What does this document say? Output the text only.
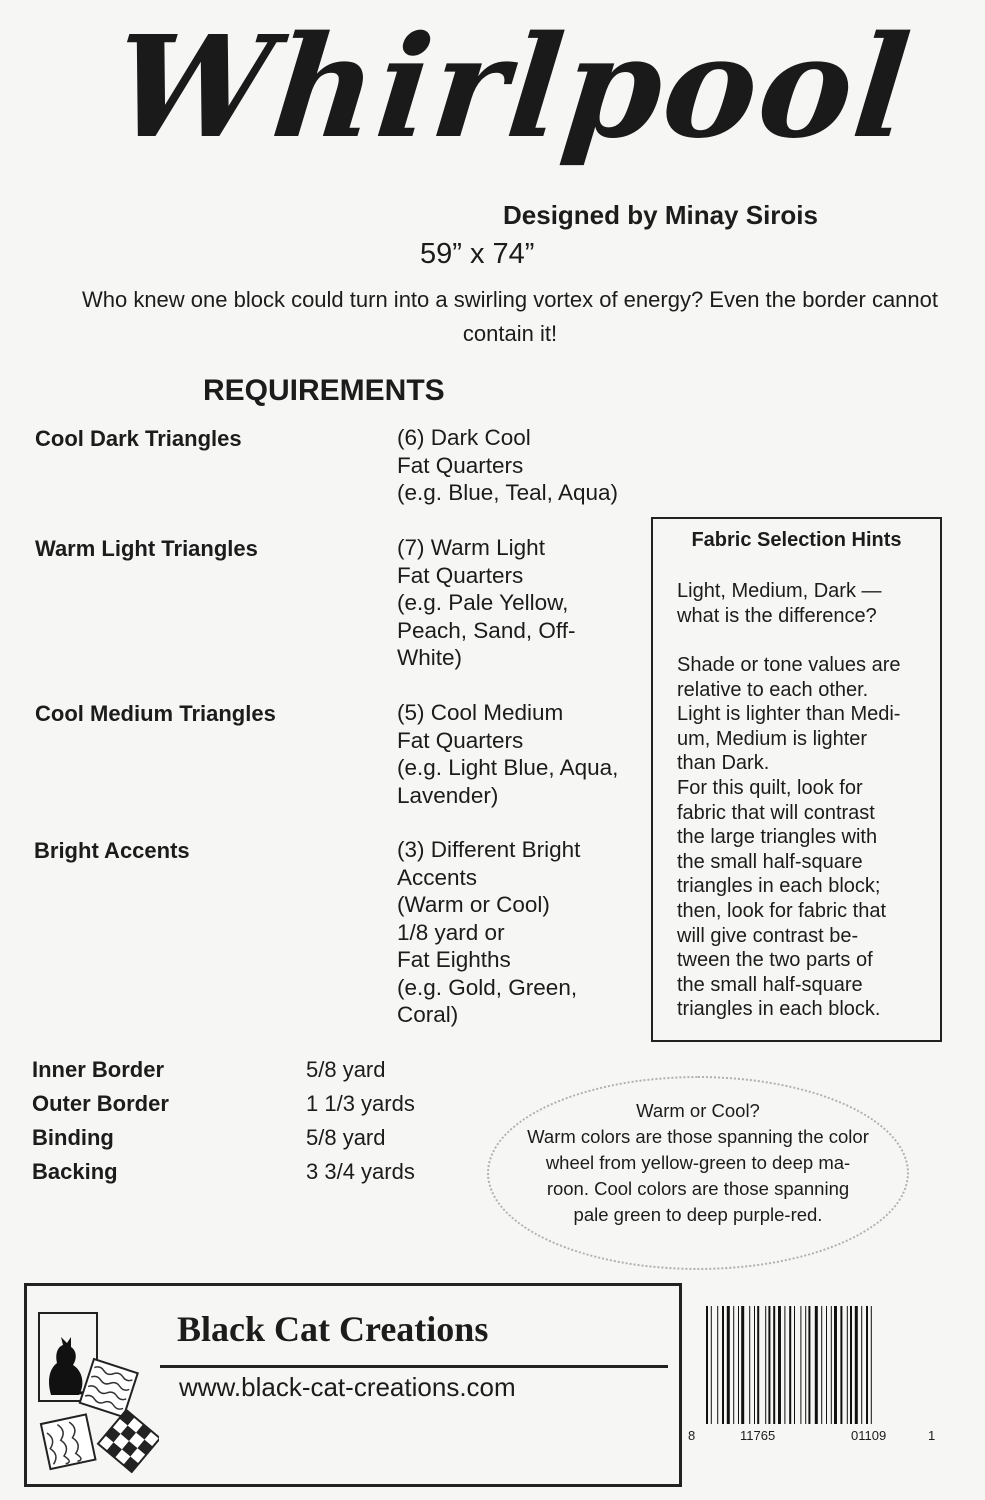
Whirlpool
Designed by Minay Sirois
59” x 74”
Who knew one block could turn into a swirling vortex of energy? Even the border cannot contain it!
REQUIREMENTS
Cool Dark Triangles	(6) Dark Cool
Fat Quarters
(e.g. Blue, Teal, Aqua)
Warm Light Triangles	(7) Warm Light
Fat Quarters
(e.g. Pale Yellow,
Peach, Sand, Off-
White)
Cool Medium Triangles	(5) Cool Medium
Fat Quarters
(e.g. Light Blue, Aqua,
Lavender)
Bright Accents	(3) Different Bright
Accents
(Warm or Cool)
1/8 yard or
Fat Eighths
(e.g. Gold, Green,
Coral)
Inner Border	5/8 yard
Outer Border	1 1/3 yards
Binding	5/8 yard
Backing	3 3/4 yards
Fabric Selection Hints
Light, Medium, Dark —
what is the difference?
Shade or tone values are
relative to each other.
Light is lighter than Medi-
um, Medium is lighter
than Dark.
For this quilt, look for
fabric that will contrast
the large triangles with
the small half-square
triangles in each block;
then, look for fabric that
will give contrast be-
tween the two parts of
the small half-square
triangles in each block.
Warm or Cool?
Warm colors are those spanning the color
wheel from yellow-green to deep ma-
roon. Cool colors are those spanning
pale green to deep purple-red.
Black Cat Creations
www.black-cat-creations.com
8	11765	01109	1
